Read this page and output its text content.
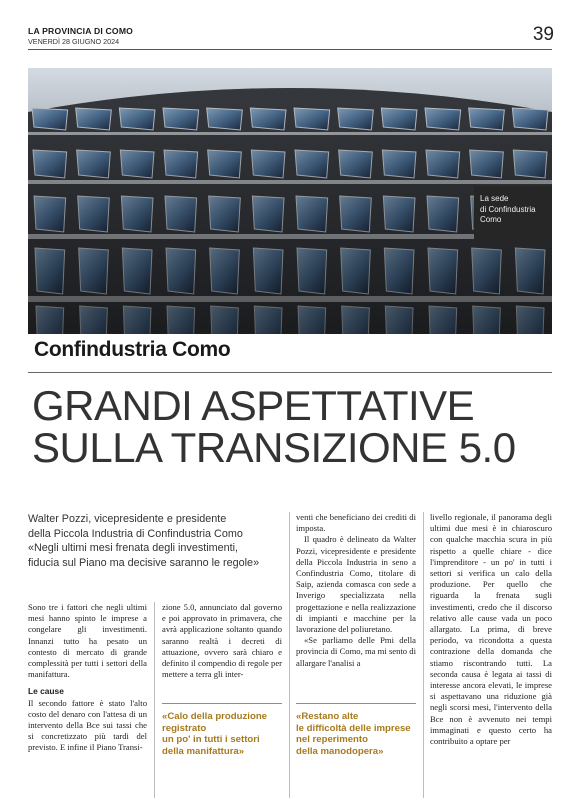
LA PROVINCIA DI COMO
VENERDÌ 28 GIUGNO 2024	39
La sede
di Confindustria
Como
Confindustria Como
GRANDI ASPETTATIVE
SULLA TRANSIZIONE 5.0

Walter Pozzi, vicepresidente e presidente

della Piccola Industria di Confindustria Como

«Negli ultimi mesi frenata degli investimenti,

fiducia sul Piano ma decisive saranno le regole»

Sono tre i fattori che negli ultimi mesi hanno spinto le imprese a congelare gli investimenti. Innanzi tutto ha pesato un contesto di mercato di grande complessità per tutti i settori della manifattura.

Le cause

Il secondo fattore è stato l'alto costo del denaro con l'attesa di un intervento della Bce sui tassi che si concretizzato più tardi del previsto. E infine il Piano Transi-

zione 5.0, annunciato dal governo e poi approvato in primavera, che avrà applicazione soltanto quando saranno realtà i decreti di attuazione, ovvero sarà chiaro e definito il compendio di regole per mettere a terra gli inter-

«Calo della produzione
registrato
un po' in tutti i settori
della manifattura»

venti che beneficiano dei crediti di imposta.

Il quadro è delineato da Walter Pozzi, vicepresidente e presidente della Piccola Industria in seno a Confindustria Como, titolare di Saip, azienda comasca con sede a Inverigo specializzata nella progettazione e nella realizzazione di impianti e macchine per la lavorazione del poliuretano.

«Se parliamo delle Pmi della provincia di Como, ma mi sento di allargare l'analisi a

«Restano alte
le difficoltà delle imprese
nel reperimento
della manodopera»

livello regionale, il panorama degli ultimi due mesi è in chiaroscuro con qualche macchia scura in più rispetto a quelle chiare - dice l'imprenditore - un po' in tutti i settori si verifica un calo della produzione. Per quello che riguarda la frenata sugli investimenti, credo che il discorso relativo alle cause vada un poco allargato. La prima, di breve periodo, va ricondotta a questa contrazione della domanda che stiamo riscontrando tutti. La seconda causa è legata ai tassi di interesse ancora elevati, le imprese si aspettavano una riduzione già negli scorsi mesi, l'intervento della Bce non è avvenuto nei tempi immaginati e questo certo ha contribuito a optare per
